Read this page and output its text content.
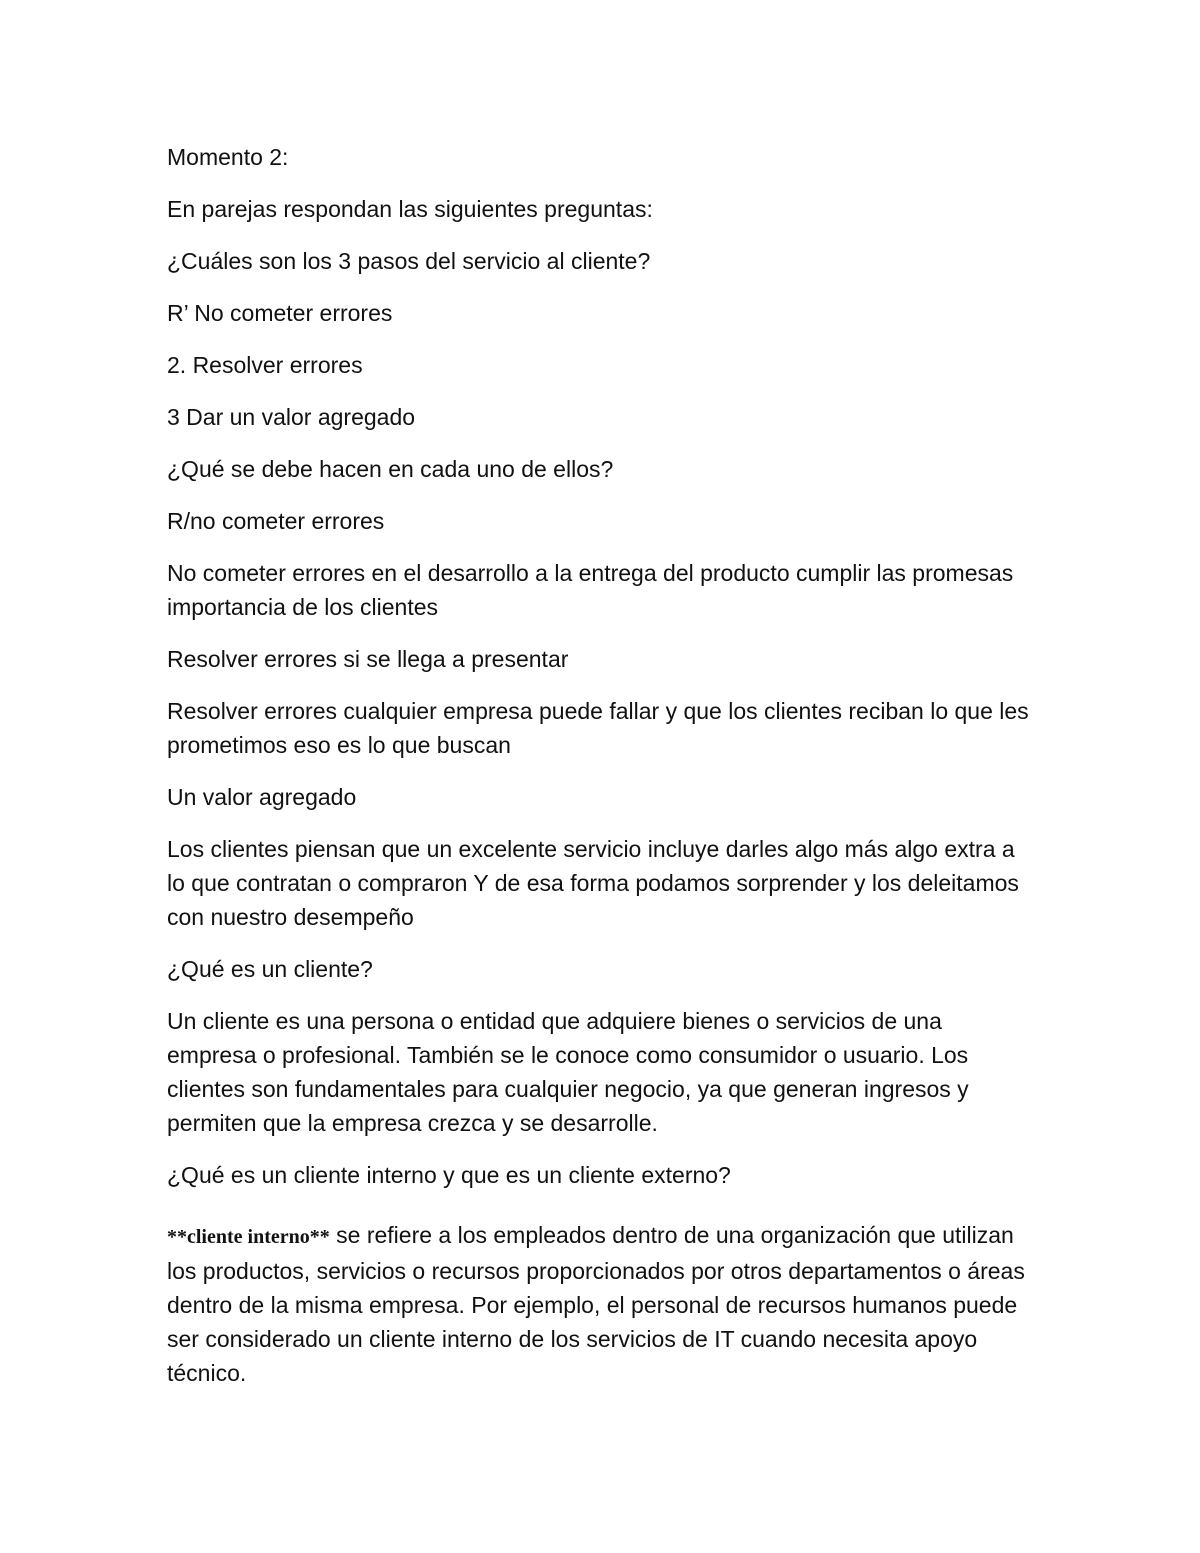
Momento 2:

En parejas respondan las siguientes preguntas:

¿Cuáles son los 3 pasos del servicio al cliente?

R’ No cometer errores

2. Resolver errores

3 Dar un valor agregado

¿Qué se debe hacen en cada uno de ellos?

R/no cometer errores

No cometer errores en el desarrollo a la entrega del producto cumplir las promesas importancia de los clientes

Resolver errores si se llega a presentar

Resolver errores cualquier empresa puede fallar y que los clientes reciban lo que les prometimos eso es lo que buscan

Un valor agregado

Los clientes piensan que un excelente servicio incluye darles algo más algo extra a lo que contratan o compraron Y de esa forma podamos sorprender y los deleitamos con nuestro desempeño

¿Qué es un cliente?

Un cliente es una persona o entidad que adquiere bienes o servicios de una empresa o profesional. También se le conoce como consumidor o usuario. Los clientes son fundamentales para cualquier negocio, ya que generan ingresos y permiten que la empresa crezca y se desarrolle.

¿Qué es un cliente interno y que es un cliente externo?

**cliente interno** se refiere a los empleados dentro de una organización que utilizan los productos, servicios o recursos proporcionados por otros departamentos o áreas dentro de la misma empresa. Por ejemplo, el personal de recursos humanos puede ser considerado un cliente interno de los servicios de IT cuando necesita apoyo técnico.
